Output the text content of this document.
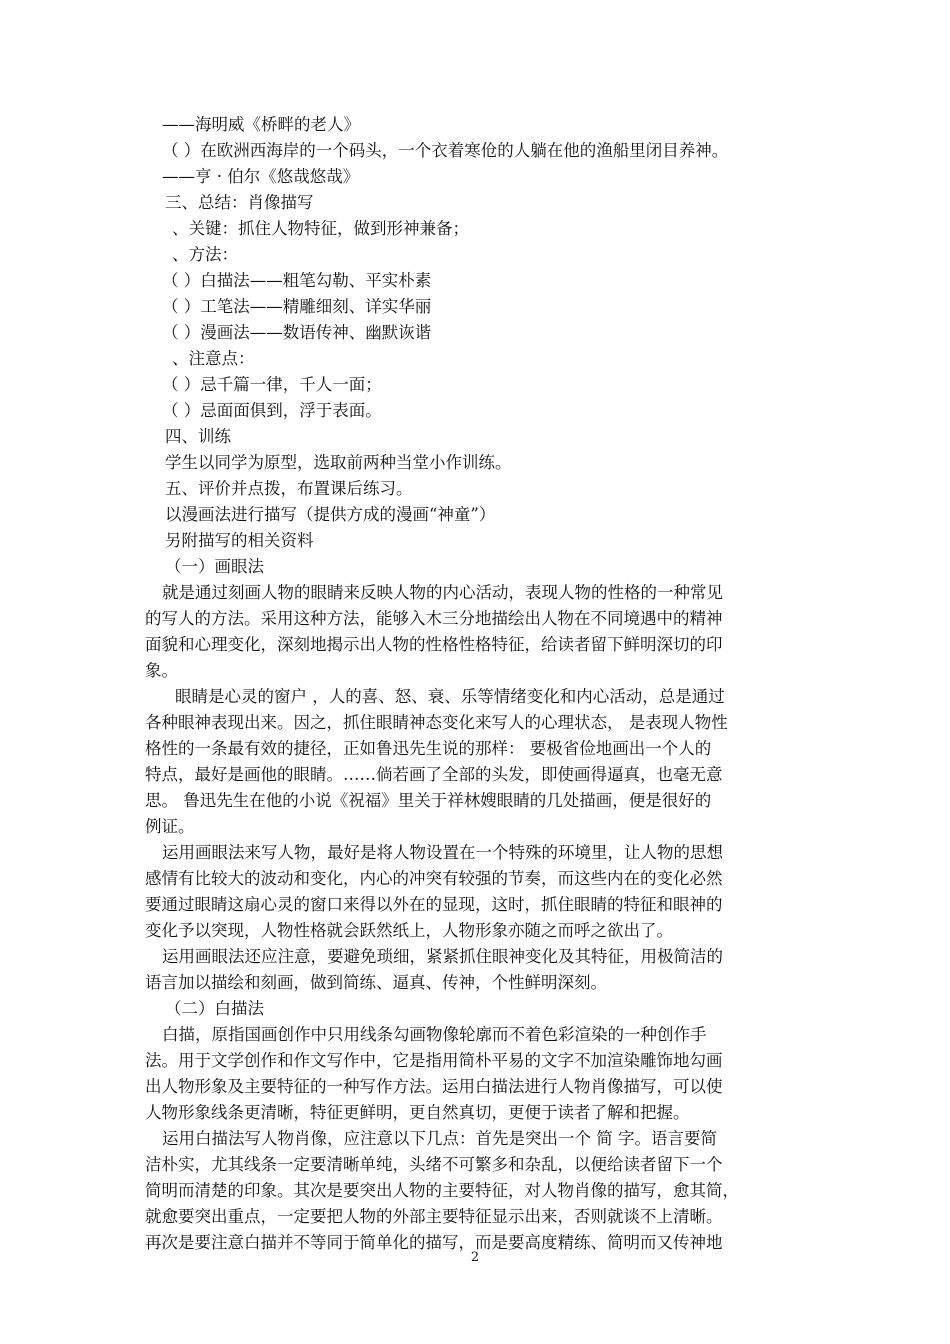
——海明威《桥畔的老人》
（ ）在欧洲西海岸的一个码头，一个衣着寒伧的人躺在他的渔船里闭目养神。
——亨 · 伯尔《悠哉悠哉》
三、总结：肖像描写
、关键：抓住人物特征，做到形神兼备；
、方法：
（ ）白描法——粗笔勾勒、平实朴素
（ ）工笔法——精雕细刻、详实华丽
（ ）漫画法——数语传神、幽默诙谐
、注意点：
（ ）忌千篇一律，千人一面；
（ ）忌面面俱到，浮于表面。
四、训练
学生以同学为原型，选取前两种当堂小作训练。
五、评价并点拨，布置课后练习。
以漫画法进行描写（提供方成的漫画“神童”）
另附描写的相关资料
（一）画眼法
就是通过刻画人物的眼睛来反映人物的内心活动，表现人物的性格的一种常见
的写人的方法。采用这种方法，能够入木三分地描绘出人物在不同境遇中的精神
面貌和心理变化，深刻地揭示出人物的性格性格特征，给读者留下鲜明深切的印
象。
眼睛是心灵的窗户 ，人的喜、怒、衰、乐等情绪变化和内心活动，总是通过
各种眼神表现出来。因之，抓住眼睛神态变化来写人的心理状态， 是表现人物性
格性的一条最有效的捷径，正如鲁迅先生说的那样： 要极省俭地画出一个人的
特点，最好是画他的眼睛。……倘若画了全部的头发，即使画得逼真，也毫无意
思。 鲁迅先生在他的小说《祝福》里关于祥林嫂眼睛的几处描画，便是很好的
例证。
运用画眼法来写人物，最好是将人物设置在一个特殊的环境里，让人物的思想
感情有比较大的波动和变化，内心的冲突有较强的节奏，而这些内在的变化必然
要通过眼睛这扇心灵的窗口来得以外在的显现，这时，抓住眼睛的特征和眼神的
变化予以突现，人物性格就会跃然纸上，人物形象亦随之而呼之欲出了。
运用画眼法还应注意，要避免琐细，紧紧抓住眼神变化及其特征，用极简洁的
语言加以描绘和刻画，做到简练、逼真、传神，个性鲜明深刻。
（二）白描法
白描，原指国画创作中只用线条勾画物像轮廓而不着色彩渲染的一种创作手
法。用于文学创作和作文写作中，它是指用简朴平易的文字不加渲染雕饰地勾画
出人物形象及主要特征的一种写作方法。运用白描法进行人物肖像描写，可以使
人物形象线条更清晰，特征更鲜明，更自然真切，更便于读者了解和把握。
运用白描法写人物肖像，应注意以下几点：首先是突出一个 简 字。语言要简
洁朴实，尤其线条一定要清晰单纯，头绪不可繁多和杂乱，以便给读者留下一个
简明而清楚的印象。其次是要突出人物的主要特征，对人物肖像的描写，愈其简，
就愈要突出重点，一定要把人物的外部主要特征显示出来，否则就谈不上清晰。
再次是要注意白描并不等同于简单化的描写，而是要高度精练、简明而又传神地
2
